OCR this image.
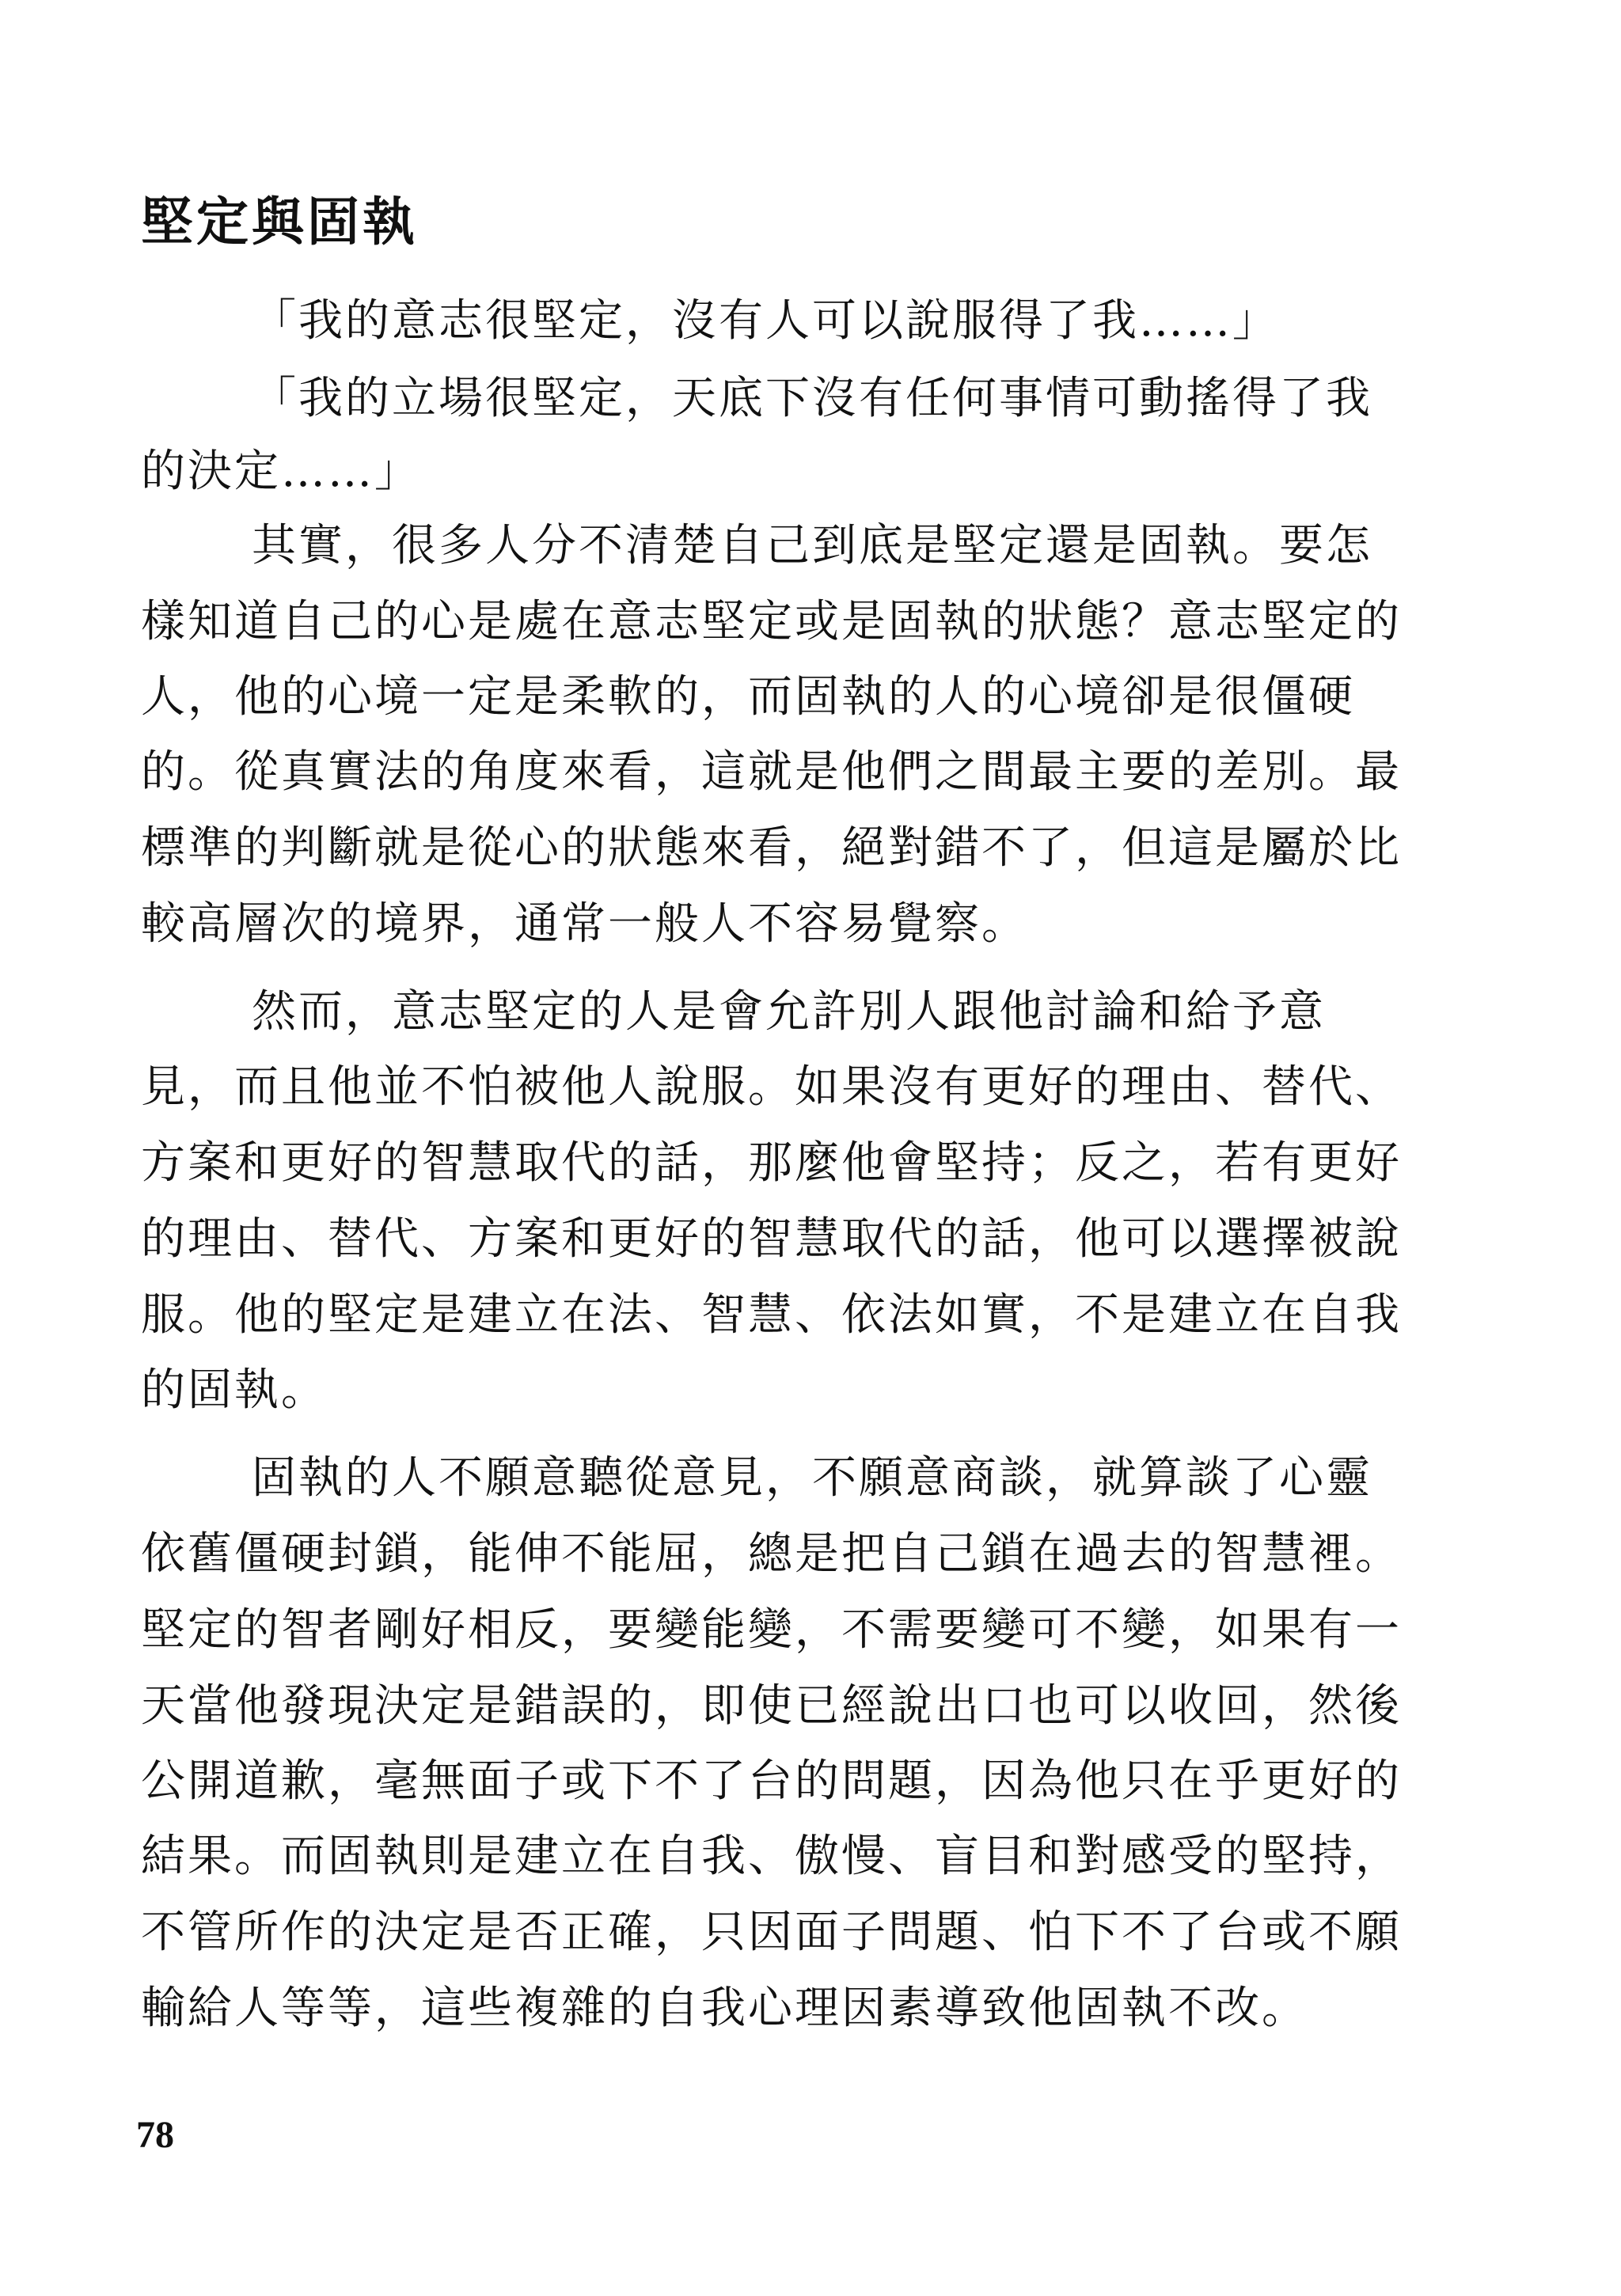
堅定與固執

「我的意志很堅定，沒有人可以說服得了我……」

「我的立場很堅定，天底下沒有任何事情可動搖得了我

的決定……」

其實，很多人分不清楚自己到底是堅定還是固執。要怎

樣知道自己的心是處在意志堅定或是固執的狀態？意志堅定的

人，他的心境一定是柔軟的，而固執的人的心境卻是很僵硬

的。從真實法的角度來看，這就是他們之間最主要的差別。最

標準的判斷就是從心的狀態來看，絕對錯不了，但這是屬於比

較高層次的境界，通常一般人不容易覺察。

然而，意志堅定的人是會允許別人跟他討論和給予意

見，而且他並不怕被他人說服。如果沒有更好的理由、替代、

方案和更好的智慧取代的話，那麼他會堅持；反之，若有更好

的理由、替代、方案和更好的智慧取代的話，他可以選擇被說

服。他的堅定是建立在法、智慧、依法如實，不是建立在自我

的固執。

固執的人不願意聽從意見，不願意商談，就算談了心靈

依舊僵硬封鎖，能伸不能屈，總是把自己鎖在過去的智慧裡。

堅定的智者剛好相反，要變能變，不需要變可不變，如果有一

天當他發現決定是錯誤的，即使已經說出口也可以收回，然後

公開道歉，毫無面子或下不了台的問題，因為他只在乎更好的

結果。而固執則是建立在自我、傲慢、盲目和對感受的堅持，

不管所作的決定是否正確，只因面子問題、怕下不了台或不願

輸給人等等，這些複雜的自我心理因素導致他固執不改。

78
